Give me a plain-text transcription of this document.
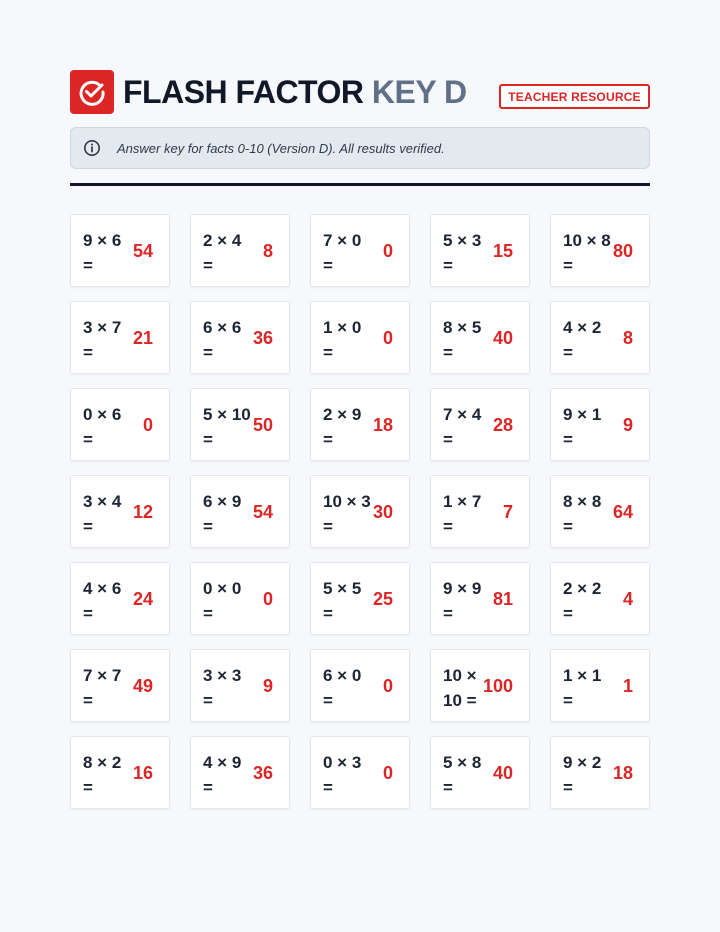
FLASH FACTOR KEY D	TEACHER RESOURCE
Answer key for facts 0-10 (Version D). All results verified.
9 × 6 =
54
2 × 4 =
8
7 × 0 =
0
5 × 3 =
15
10 × 8 =
80
3 × 7 =
21
6 × 6 =
36
1 × 0 =
0
8 × 5 =
40
4 × 2 =
8
0 × 6 =
0
5 × 10 =
50
2 × 9 =
18
7 × 4 =
28
9 × 1 =
9
3 × 4 =
12
6 × 9 =
54
10 × 3 =
30
1 × 7 =
7
8 × 8 =
64
4 × 6 =
24
0 × 0 =
0
5 × 5 =
25
9 × 9 =
81
2 × 2 =
4
7 × 7 =
49
3 × 3 =
9
6 × 0 =
0
10 × 10 =
100
1 × 1 =
1
8 × 2 =
16
4 × 9 =
36
0 × 3 =
0
5 × 8 =
40
9 × 2 =
18
